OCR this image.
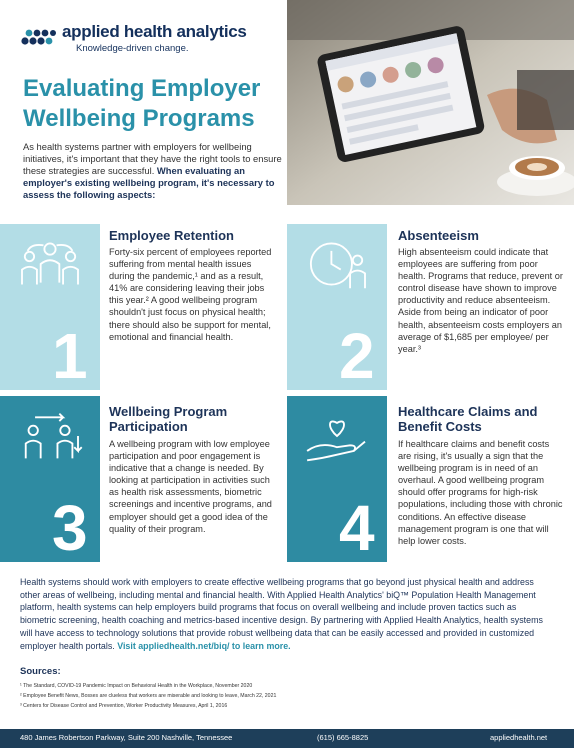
applied health analytics
Knowledge-driven change.
Evaluating Employer
Wellbeing Programs
As health systems partner with employers for wellbeing initiatives, it's important that they have the right tools to ensure these strategies are successful. When evaluating an employer's existing wellbeing program, it's necessary to assess the following aspects:
1
Employee Retention
Forty-six percent of employees reported suffering from mental health issues during the pandemic,¹ and as a result, 41% are considering leaving their jobs this year.² A good wellbeing program shouldn't just focus on physical health; there should also be support for mental, emotional and financial health.	2
Absenteeism
High absenteeism could indicate that employees are suffering from poor health. Programs that reduce, prevent or control disease have shown to improve productivity and reduce absenteeism. Aside from being an indicator of poor health, absenteeism costs employers an average of $1,685 per employee/ per year.³
3
Wellbeing Program
Participation
A wellbeing program with low employee participation and poor engagement is indicative that a change is needed. By looking at participation in activities such as health risk assessments, biometric screenings and incentive programs, and employer should get a good idea of the quality of their program.	4
Healthcare Claims and
Benefit Costs
If healthcare claims and benefit costs are rising, it's usually a sign that the wellbeing program is in need of an overhaul. A good wellbeing program should offer programs for high-risk populations, including those with chronic conditions. An effective disease management program is one that will help lower costs.
Health systems should work with employers to create effective wellbeing programs that go beyond just physical health and address other areas of wellbeing, including mental and financial health. With Applied Health Analytics' biQ™ Population Health Management platform, health systems can help employers build programs that focus on overall wellbeing and include proven tactics such as biometric screening, health coaching and metrics-based incentive design. By partnering with Applied Health Analytics, health systems will have access to technology solutions that provide robust wellbeing data that can be easily accessed and provided in customized employer health portals. Visit appliedhealth.net/biq/ to learn more.
Sources:
¹ The Standard, COVID-19 Pandemic Impact on Behavioral Health in the Workplace, November 2020
² Employee Benefit News, Bosses are clueless that workers are miserable and looking to leave, March 22, 2021
³ Centers for Disease Control and Prevention, Worker Productivity Measures, April 1, 2016
480 James Robertson Parkway, Suite 200 Nashville, Tennessee	(615) 665-8825	appliedhealth.net
